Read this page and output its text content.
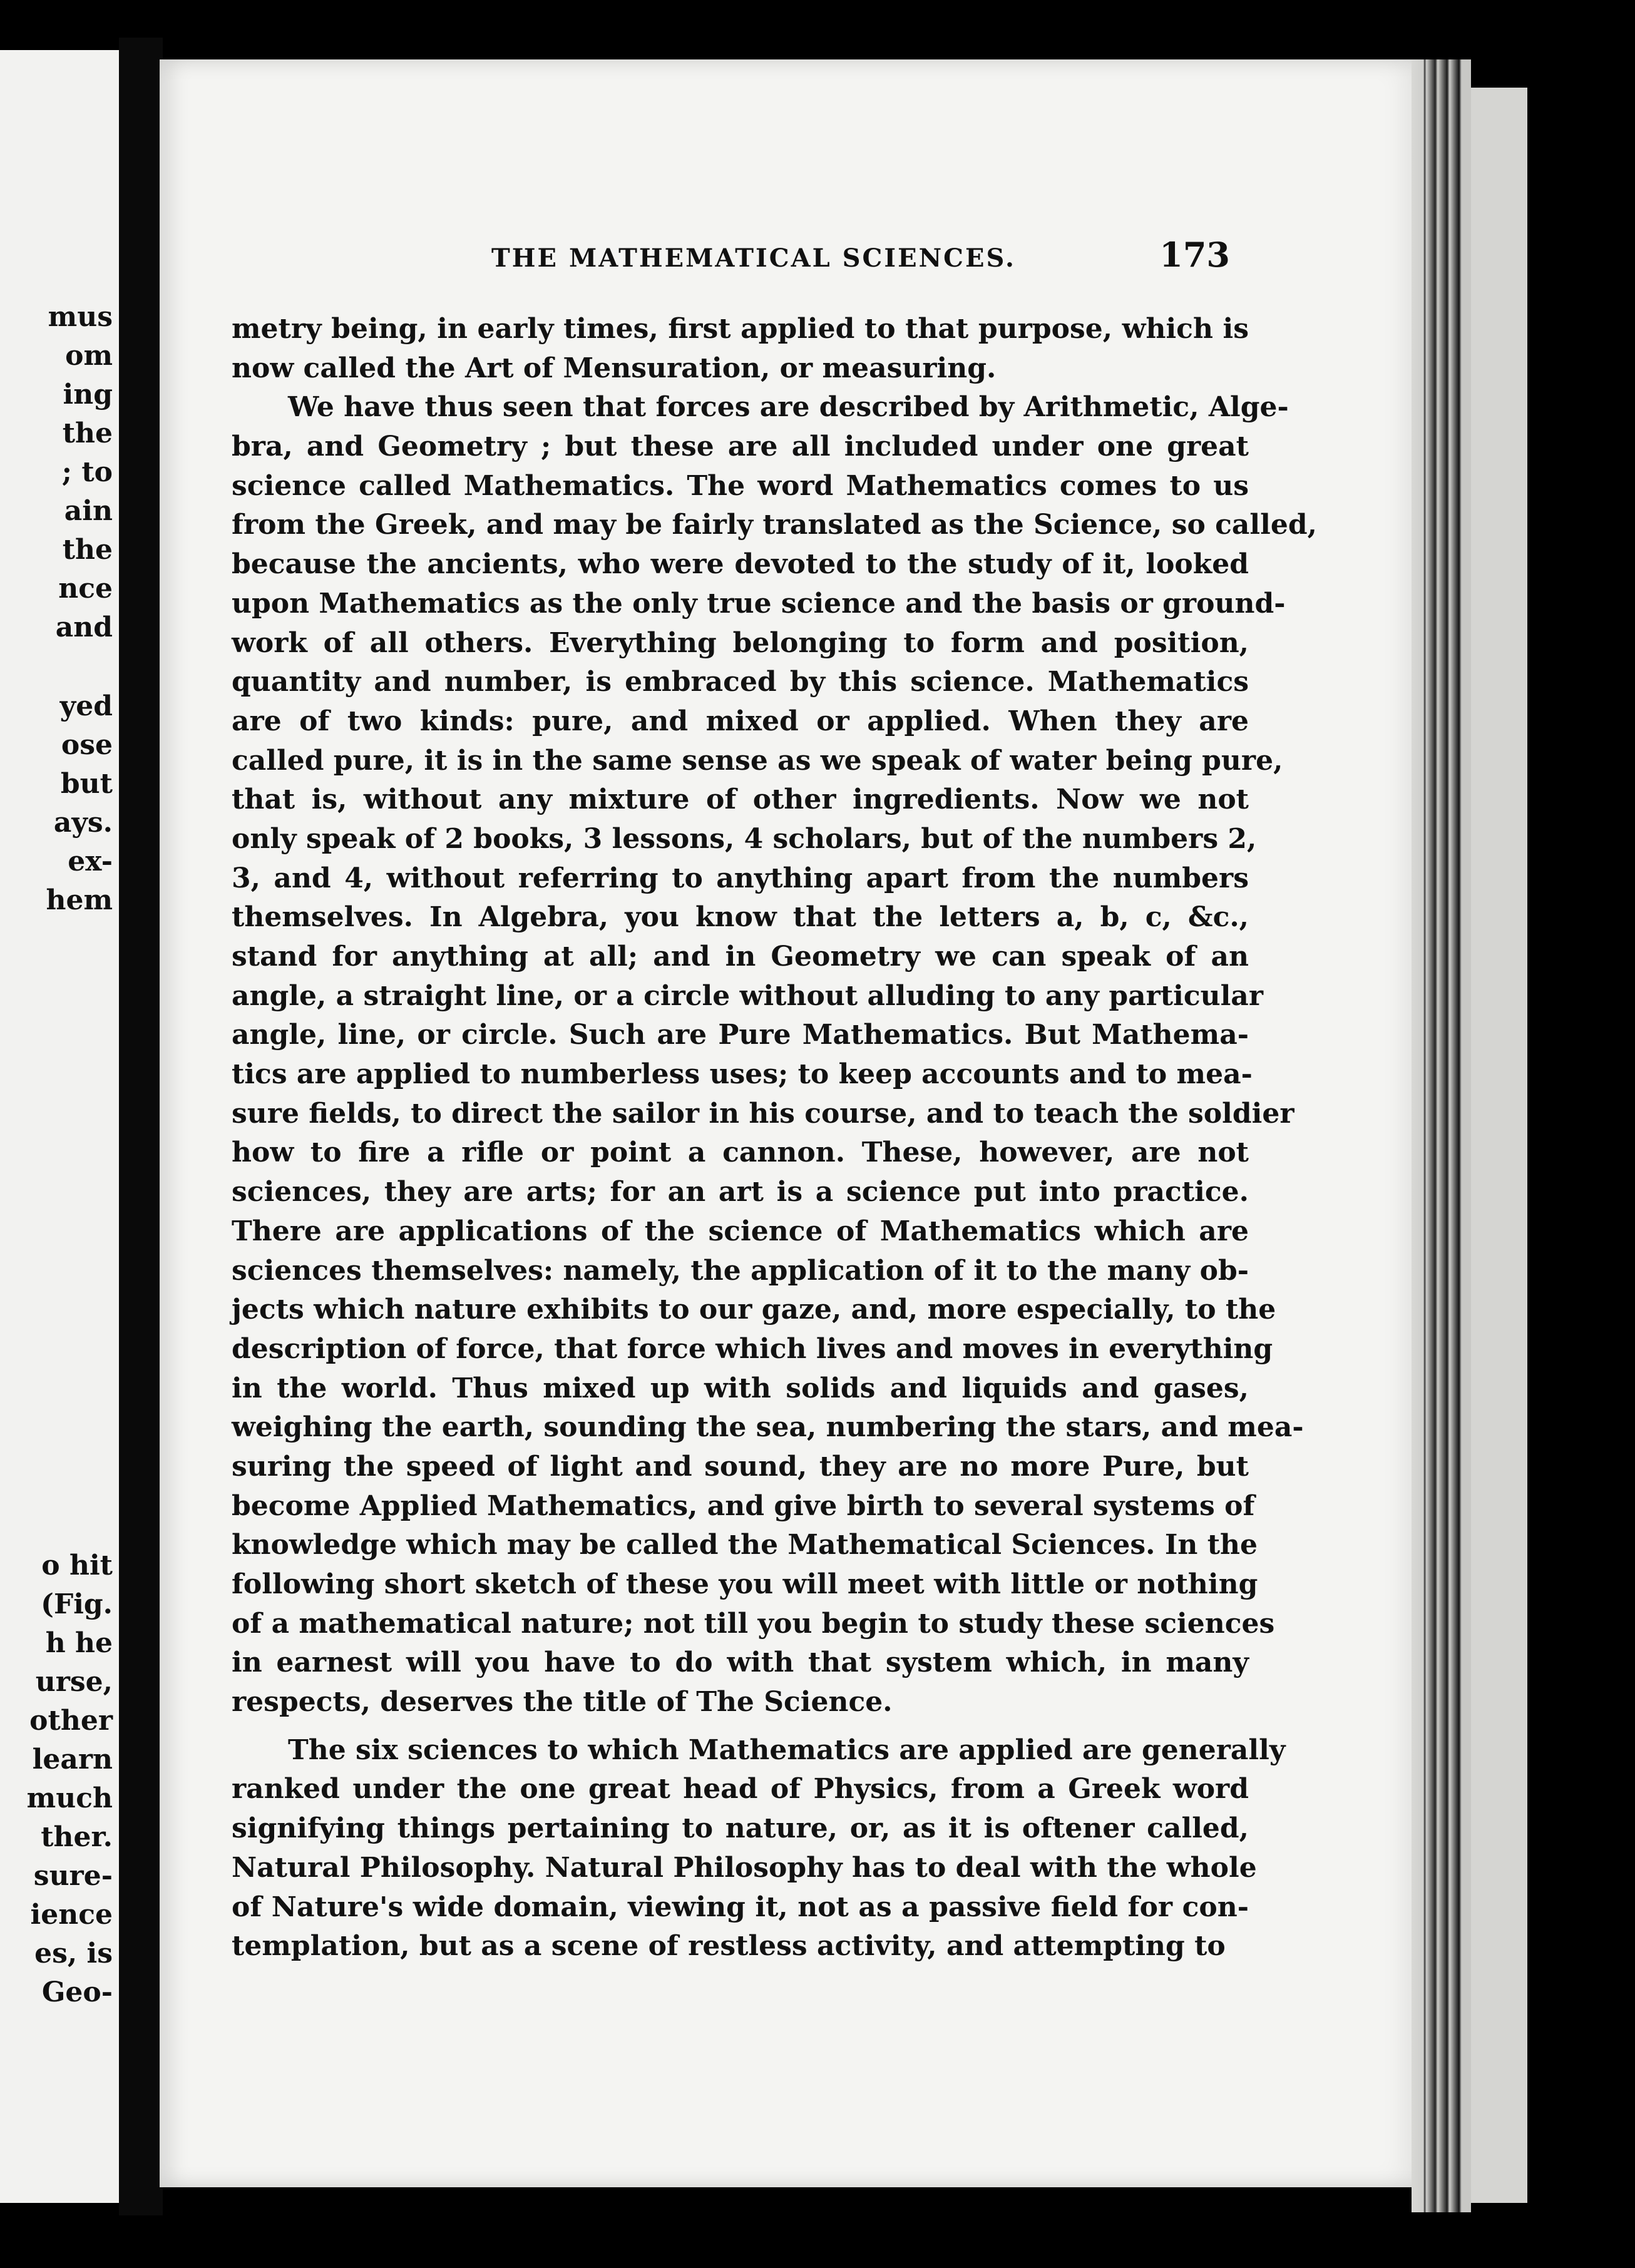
mus
om
ing
the
; to
ain
the
nce
and
yed
ose
but
ays.
ex-
hem
o hit
(Fig.
h he
urse,
other
learn
much
ther.
sure-
ience
es, is
Geo-
THE MATHEMATICAL SCIENCES.	173
metry being, in early times, first applied to that purpose, which is
now called the Art of Mensuration, or measuring.
We have thus seen that forces are described by Arithmetic, Alge-
bra, and Geometry ; but these are all included under one great
science called Mathematics. The word Mathematics comes to us
from the Greek, and may be fairly translated as the Science, so called,
because the ancients, who were devoted to the study of it, looked
upon Mathematics as the only true science and the basis or ground-
work of all others. Everything belonging to form and position,
quantity and number, is embraced by this science. Mathematics
are of two kinds: pure, and mixed or applied. When they are
called pure, it is in the same sense as we speak of water being pure,
that is, without any mixture of other ingredients. Now we not
only speak of 2 books, 3 lessons, 4 scholars, but of the numbers 2,
3, and 4, without referring to anything apart from the numbers
themselves. In Algebra, you know that the letters a, b, c, &c.,
stand for anything at all; and in Geometry we can speak of an
angle, a straight line, or a circle without alluding to any particular
angle, line, or circle. Such are Pure Mathematics. But Mathema-
tics are applied to numberless uses; to keep accounts and to mea-
sure fields, to direct the sailor in his course, and to teach the soldier
how to fire a rifle or point a cannon. These, however, are not
sciences, they are arts; for an art is a science put into practice.
There are applications of the science of Mathematics which are
sciences themselves: namely, the application of it to the many ob-
jects which nature exhibits to our gaze, and, more especially, to the
description of force, that force which lives and moves in everything
in the world. Thus mixed up with solids and liquids and gases,
weighing the earth, sounding the sea, numbering the stars, and mea-
suring the speed of light and sound, they are no more Pure, but
become Applied Mathematics, and give birth to several systems of
knowledge which may be called the Mathematical Sciences. In the
following short sketch of these you will meet with little or nothing
of a mathematical nature; not till you begin to study these sciences
in earnest will you have to do with that system which, in many
respects, deserves the title of The Science.
The six sciences to which Mathematics are applied are generally
ranked under the one great head of Physics, from a Greek word
signifying things pertaining to nature, or, as it is oftener called,
Natural Philosophy. Natural Philosophy has to deal with the whole
of Nature's wide domain, viewing it, not as a passive field for con-
templation, but as a scene of restless activity, and attempting to
